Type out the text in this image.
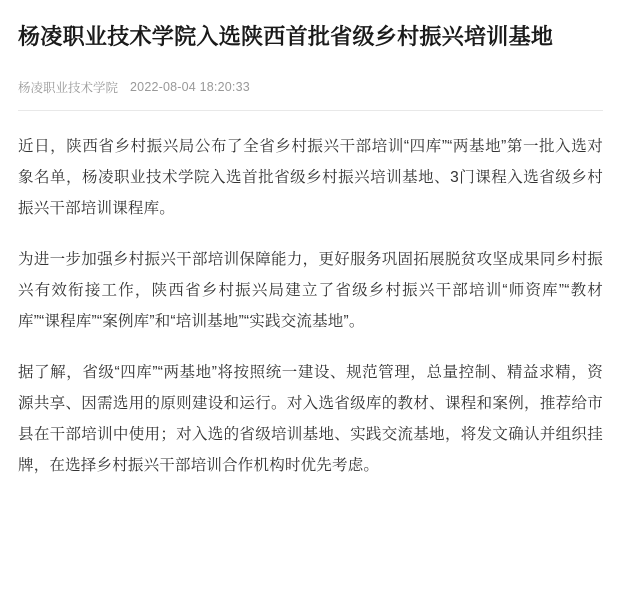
杨凌职业技术学院入选陕西首批省级乡村振兴培训基地
杨凌职业技术学院 2022-08-04 18:20:33

近日，陕西省乡村振兴局公布了全省乡村振兴干部培训“四库”“两基地”第一批入选对象名单，杨凌职业技术学院入选首批省级乡村振兴培训基地、3门课程入选省级乡村振兴干部培训课程库。

为进一步加强乡村振兴干部培训保障能力，更好服务巩固拓展脱贫攻坚成果同乡村振兴有效衔接工作，陕西省乡村振兴局建立了省级乡村振兴干部培训“师资库”“教材库”“课程库”“案例库”和“培训基地”“实践交流基地”。

据了解，省级“四库”“两基地”将按照统一建设、规范管理，总量控制、精益求精，资源共享、因需选用的原则建设和运行。对入选省级库的教材、课程和案例，推荐给市县在干部培训中使用；对入选的省级培训基地、实践交流基地，将发文确认并组织挂牌，在选择乡村振兴干部培训合作机构时优先考虑。
